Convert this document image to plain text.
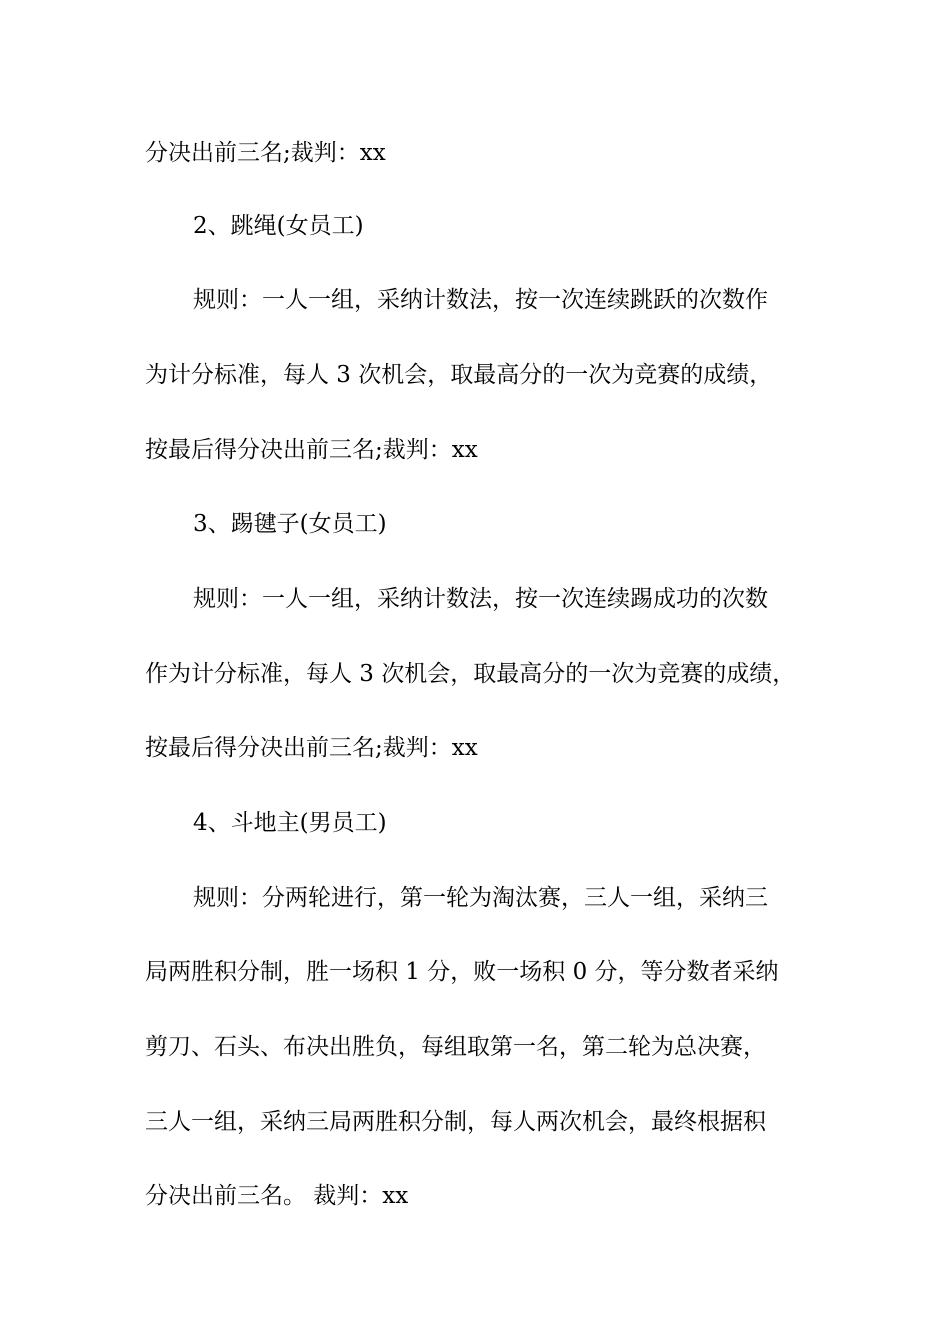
分决出前三名;裁判：xx
2、跳绳(女员工)
规则：一人一组，采纳计数法，按一次连续跳跃的次数作
为计分标准，每人 3 次机会，取最高分的一次为竞赛的成绩，
按最后得分决出前三名;裁判：xx
3、踢毽子(女员工)
规则：一人一组，采纳计数法，按一次连续踢成功的次数
作为计分标准，每人 3 次机会，取最高分的一次为竞赛的成绩，
按最后得分决出前三名;裁判：xx
4、斗地主(男员工)
规则：分两轮进行，第一轮为淘汰赛，三人一组，采纳三
局两胜积分制，胜一场积 1 分，败一场积 0 分，等分数者采纳
剪刀、石头、布决出胜负，每组取第一名，第二轮为总决赛，
三人一组，采纳三局两胜积分制，每人两次机会，最终根据积
分决出前三名。 裁判：xx
